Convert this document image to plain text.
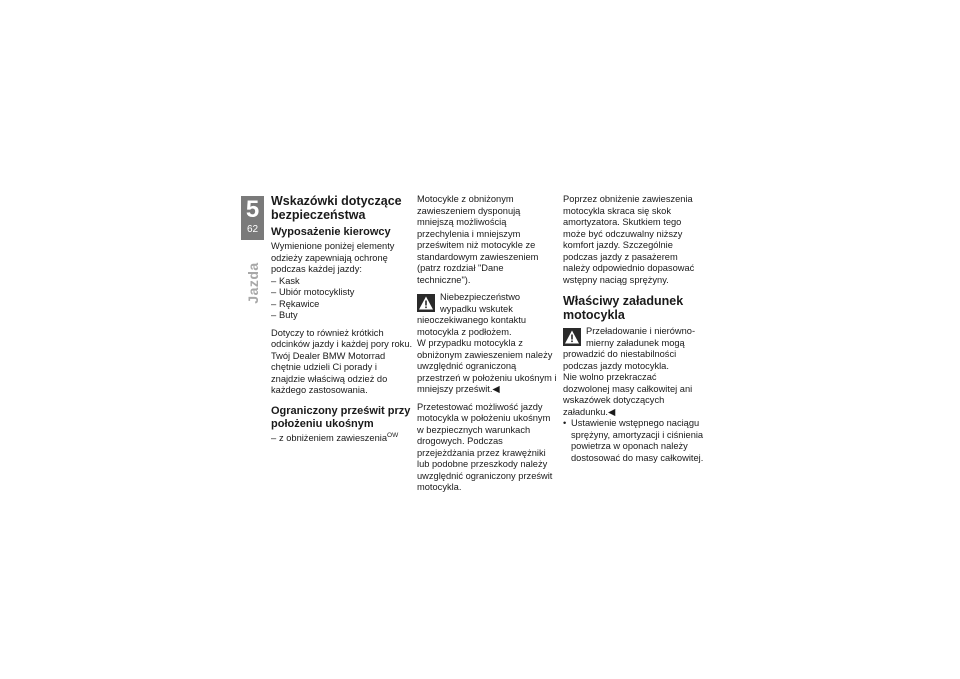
5
62
Jazda
Wskazówki dotyczące bezpieczeństwa
Wyposażenie kierowcy

Wymienione poniżej elementy odzieży zapewniają ochronę podczas każdej jazdy:

– Kask
– Ubiór motocyklisty
– Rękawice
– Buty

Dotyczy to również krótkich odcinków jazdy i każdej pory roku. Twój Dealer BMW Motorrad chętnie udzieli Ci porady i znajdzie właściwą odzież do każdego zastosowania.

Ograniczony prześwit przy położeniu ukośnym
– z obniżeniem zawieszenia$^{OW}$

Motocykle z obniżonym zawieszeniem dysponują mniejszą możliwością przechylenia i mniejszym prześwitem niż motocykle ze standardowym zawieszeniem (patrz rozdział "Dane techniczne").

Niebezpieczeństwo wypadku wskutek nieoczekiwanego kontaktu motocykla z podłożem.

W przypadku motocykla z obniżonym zawieszeniem należy uwzględnić ograniczoną przestrzeń w położeniu ukośnym i mniejszy prześwit.◀

Przetestować możliwość jazdy motocykla w położeniu ukośnym w bezpiecznych warunkach drogowych. Podczas przejeżdżania przez krawężniki lub podobne przeszkody należy uwzględnić ograniczony prześwit motocykla.

Poprzez obniżenie zawieszenia motocykla skraca się skok amortyzatora. Skutkiem tego może być odczuwalny niższy komfort jazdy. Szczególnie podczas jazdy z pasażerem należy odpowiednio dopasować wstępny naciąg sprężyny.

Właściwy załadunek motocykla

Przeładowanie i nierównomierny załadunek mogą prowadzić do niestabilności podczas jazdy motocykla.

Nie wolno przekraczać dozwolonej masy całkowitej ani wskazówek dotyczących załadunku.◀

• Ustawienie wstępnego naciągu sprężyny, amortyzacji i ciśnienia powietrza w oponach należy dostosować do masy całkowitej.
